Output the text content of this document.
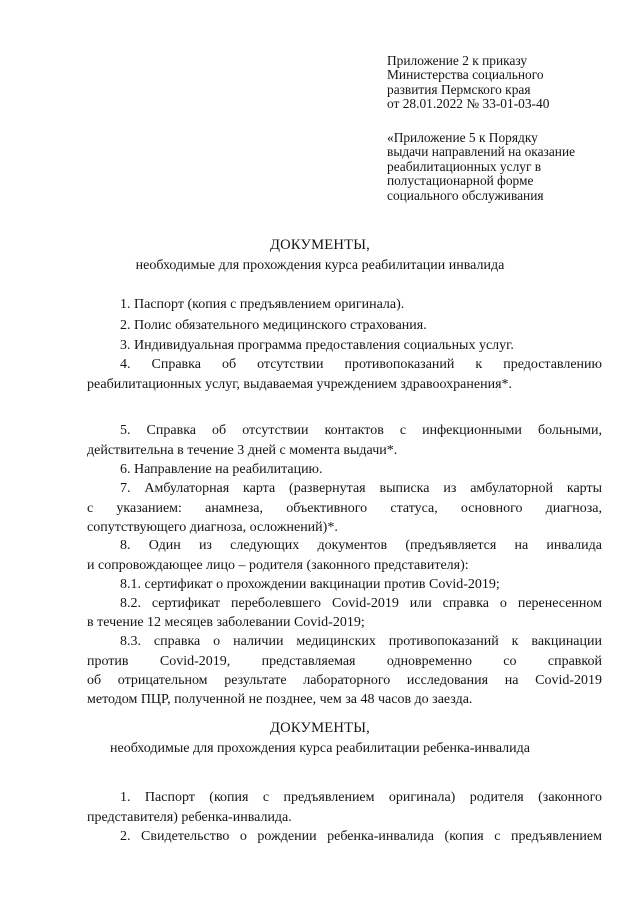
Приложение 2 к приказу
Министерства социального
развития Пермского края
от 28.01.2022 № 33-01-03-40
«Приложение 5 к Порядку
выдачи направлений на оказание
реабилитационных услуг в
полустационарной форме
социального обслуживания
ДОКУМЕНТЫ,
необходимые для прохождения курса реабилитации инвалида
1. Паспорт (копия с предъявлением оригинала).
2. Полис обязательного медицинского страхования.
3. Индивидуальная программа предоставления социальных услуг.
4. Справка об отсутствии противопоказаний к предоставлению
реабилитационных услуг, выдаваемая учреждением здравоохранения*.
5. Справка об отсутствии контактов с инфекционными больными,
действительна в течение 3 дней с момента выдачи*.
6. Направление на реабилитацию.
7. Амбулаторная карта (развернутая выписка из амбулаторной карты
с указанием: анамнеза, объективного статуса, основного диагноза,
сопутствующего диагноза, осложнений)*.
8. Один из следующих документов (предъявляется на инвалида
и сопровождающее лицо – родителя (законного представителя):
8.1. сертификат о прохождении вакцинации против Covid-2019;
8.2. сертификат переболевшего Covid-2019 или справка о перенесенном
в течение 12 месяцев заболевании Covid-2019;
8.3. справка о наличии медицинских противопоказаний к вакцинации
против Covid-2019, представляемая одновременно со справкой
об отрицательном результате лабораторного исследования на Covid-2019
методом ПЦР, полученной не позднее, чем за 48 часов до заезда.
ДОКУМЕНТЫ,
необходимые для прохождения курса реабилитации ребенка-инвалида
1. Паспорт (копия с предъявлением оригинала) родителя (законного
представителя) ребенка-инвалида.
2. Свидетельство о рождении ребенка-инвалида (копия с предъявлением
